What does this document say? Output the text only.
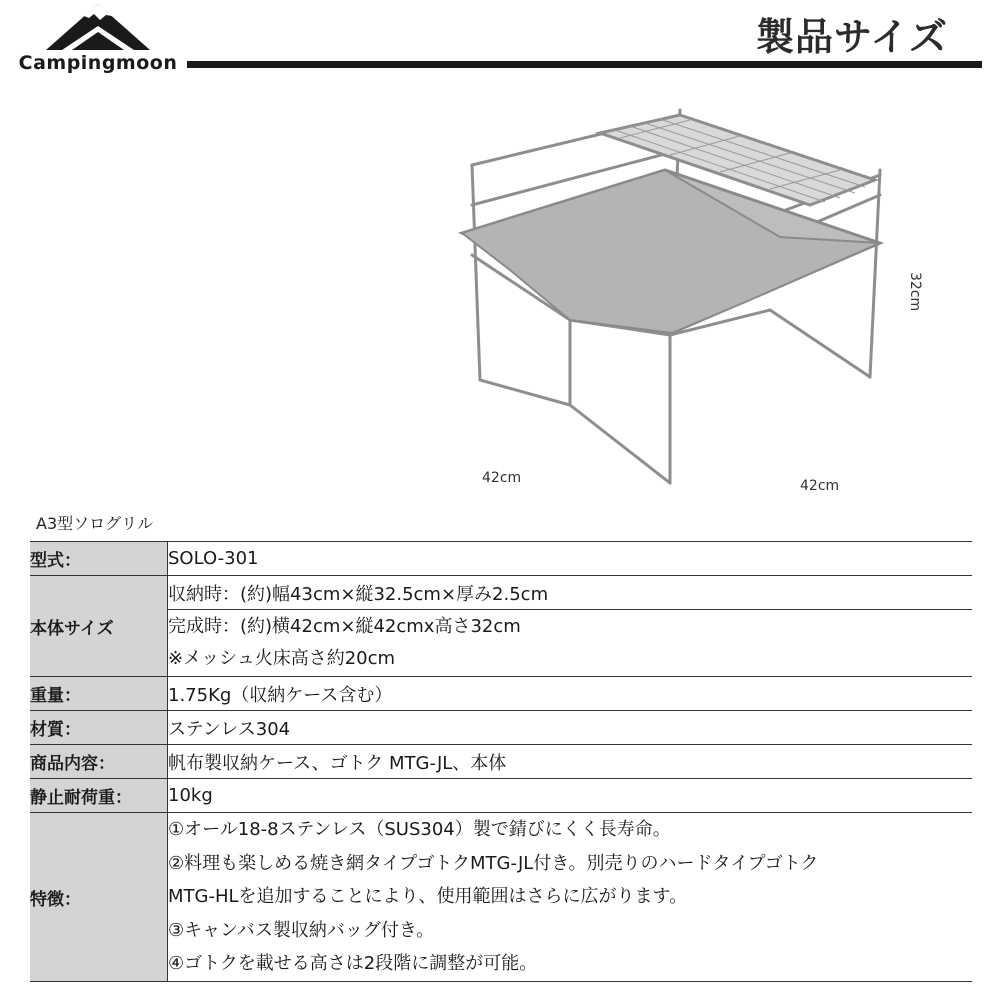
Campingmoon
製品サイズ
42cm	42cm
32cm
A3型ソログリル
型式：	SOLO-301
本体サイズ	収納時：(約)幅43cm×縦32.5cm×厚み2.5cm

	完成時：(約)横42cm×縦42cmx高さ32cm
※メッシュ火床高さ約20cm

重量：	1.75Kg（収納ケース含む）
材質：	ステンレス304
商品内容：	帆布製収納ケース、ゴトク MTG-JL、本体
静止耐荷重：	10kg
特徴：	①オール18-8ステンレス（SUS304）製で錆びにくく長寿命。
②料理も楽しめる焼き網タイプゴトクMTG-JL付き。別売りのハードタイプゴトク
MTG-HLを追加することにより、使用範囲はさらに広がります。
③キャンバス製収納バッグ付き。
④ゴトクを載せる高さは2段階に調整が可能。
